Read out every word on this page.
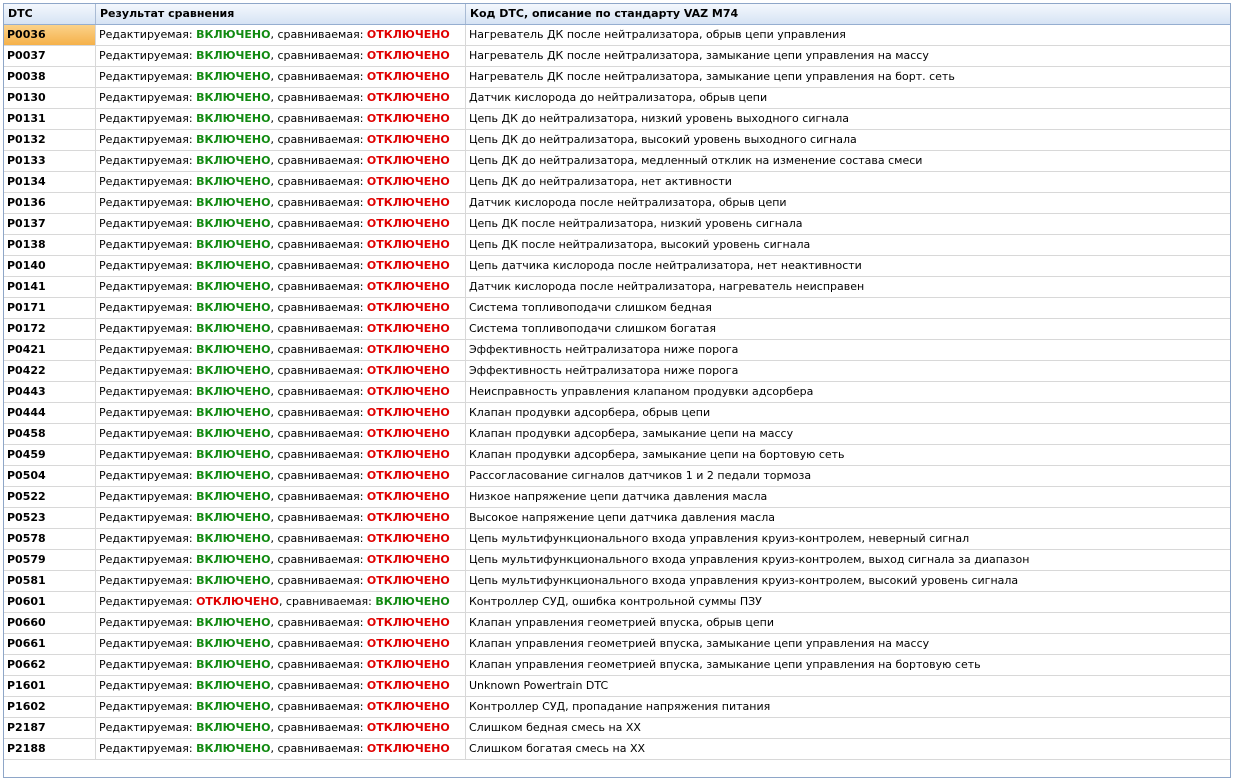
DTC	Результат сравнения	Код DTC, описание по стандарту VAZ M74
P0036	Редактируемая: ВКЛЮЧЕНО, сравниваемая: ОТКЛЮЧЕНО	Нагреватель ДК после нейтрализатора, обрыв цепи управления
P0037	Редактируемая: ВКЛЮЧЕНО, сравниваемая: ОТКЛЮЧЕНО	Нагреватель ДК после нейтрализатора, замыкание цепи управления на массу
P0038	Редактируемая: ВКЛЮЧЕНО, сравниваемая: ОТКЛЮЧЕНО	Нагреватель ДК после нейтрализатора, замыкание цепи управления на борт. сеть
P0130	Редактируемая: ВКЛЮЧЕНО, сравниваемая: ОТКЛЮЧЕНО	Датчик кислорода до нейтрализатора, обрыв цепи
P0131	Редактируемая: ВКЛЮЧЕНО, сравниваемая: ОТКЛЮЧЕНО	Цепь ДК до нейтрализатора, низкий уровень выходного сигнала
P0132	Редактируемая: ВКЛЮЧЕНО, сравниваемая: ОТКЛЮЧЕНО	Цепь ДК до нейтрализатора, высокий уровень выходного сигнала
P0133	Редактируемая: ВКЛЮЧЕНО, сравниваемая: ОТКЛЮЧЕНО	Цепь ДК до нейтрализатора, медленный отклик на изменение состава смеси
P0134	Редактируемая: ВКЛЮЧЕНО, сравниваемая: ОТКЛЮЧЕНО	Цепь ДК до нейтрализатора, нет активности
P0136	Редактируемая: ВКЛЮЧЕНО, сравниваемая: ОТКЛЮЧЕНО	Датчик кислорода после нейтрализатора, обрыв цепи
P0137	Редактируемая: ВКЛЮЧЕНО, сравниваемая: ОТКЛЮЧЕНО	Цепь ДК после нейтрализатора, низкий уровень сигнала
P0138	Редактируемая: ВКЛЮЧЕНО, сравниваемая: ОТКЛЮЧЕНО	Цепь ДК после нейтрализатора, высокий уровень сигнала
P0140	Редактируемая: ВКЛЮЧЕНО, сравниваемая: ОТКЛЮЧЕНО	Цепь датчика кислорода после нейтрализатора, нет неактивности
P0141	Редактируемая: ВКЛЮЧЕНО, сравниваемая: ОТКЛЮЧЕНО	Датчик кислорода после нейтрализатора, нагреватель неисправен
P0171	Редактируемая: ВКЛЮЧЕНО, сравниваемая: ОТКЛЮЧЕНО	Система топливоподачи слишком бедная
P0172	Редактируемая: ВКЛЮЧЕНО, сравниваемая: ОТКЛЮЧЕНО	Система топливоподачи слишком богатая
P0421	Редактируемая: ВКЛЮЧЕНО, сравниваемая: ОТКЛЮЧЕНО	Эффективность нейтрализатора ниже порога
P0422	Редактируемая: ВКЛЮЧЕНО, сравниваемая: ОТКЛЮЧЕНО	Эффективность нейтрализатора ниже порога
P0443	Редактируемая: ВКЛЮЧЕНО, сравниваемая: ОТКЛЮЧЕНО	Неисправность управления клапаном продувки адсорбера
P0444	Редактируемая: ВКЛЮЧЕНО, сравниваемая: ОТКЛЮЧЕНО	Клапан продувки адсорбера, обрыв цепи
P0458	Редактируемая: ВКЛЮЧЕНО, сравниваемая: ОТКЛЮЧЕНО	Клапан продувки адсорбера, замыкание цепи на массу
P0459	Редактируемая: ВКЛЮЧЕНО, сравниваемая: ОТКЛЮЧЕНО	Клапан продувки адсорбера, замыкание цепи на бортовую сеть
P0504	Редактируемая: ВКЛЮЧЕНО, сравниваемая: ОТКЛЮЧЕНО	Рассогласование сигналов датчиков 1 и 2 педали тормоза
P0522	Редактируемая: ВКЛЮЧЕНО, сравниваемая: ОТКЛЮЧЕНО	Низкое напряжение цепи датчика давления масла
P0523	Редактируемая: ВКЛЮЧЕНО, сравниваемая: ОТКЛЮЧЕНО	Высокое напряжение цепи датчика давления масла
P0578	Редактируемая: ВКЛЮЧЕНО, сравниваемая: ОТКЛЮЧЕНО	Цепь мультифункционального входа управления круиз-контролем, неверный сигнал
P0579	Редактируемая: ВКЛЮЧЕНО, сравниваемая: ОТКЛЮЧЕНО	Цепь мультифункционального входа управления круиз-контролем, выход сигнала за диапазон
P0581	Редактируемая: ВКЛЮЧЕНО, сравниваемая: ОТКЛЮЧЕНО	Цепь мультифункционального входа управления круиз-контролем, высокий уровень сигнала
P0601	Редактируемая: ОТКЛЮЧЕНО, сравниваемая: ВКЛЮЧЕНО	Контроллер СУД, ошибка контрольной суммы ПЗУ
P0660	Редактируемая: ВКЛЮЧЕНО, сравниваемая: ОТКЛЮЧЕНО	Клапан управления геометрией впуска, обрыв цепи
P0661	Редактируемая: ВКЛЮЧЕНО, сравниваемая: ОТКЛЮЧЕНО	Клапан управления геометрией впуска, замыкание цепи управления на массу
P0662	Редактируемая: ВКЛЮЧЕНО, сравниваемая: ОТКЛЮЧЕНО	Клапан управления геометрией впуска, замыкание цепи управления на бортовую сеть
P1601	Редактируемая: ВКЛЮЧЕНО, сравниваемая: ОТКЛЮЧЕНО	Unknown Powertrain DTC
P1602	Редактируемая: ВКЛЮЧЕНО, сравниваемая: ОТКЛЮЧЕНО	Контроллер СУД, пропадание напряжения питания
P2187	Редактируемая: ВКЛЮЧЕНО, сравниваемая: ОТКЛЮЧЕНО	Слишком бедная смесь на ХХ
P2188	Редактируемая: ВКЛЮЧЕНО, сравниваемая: ОТКЛЮЧЕНО	Слишком богатая смесь на ХХ
